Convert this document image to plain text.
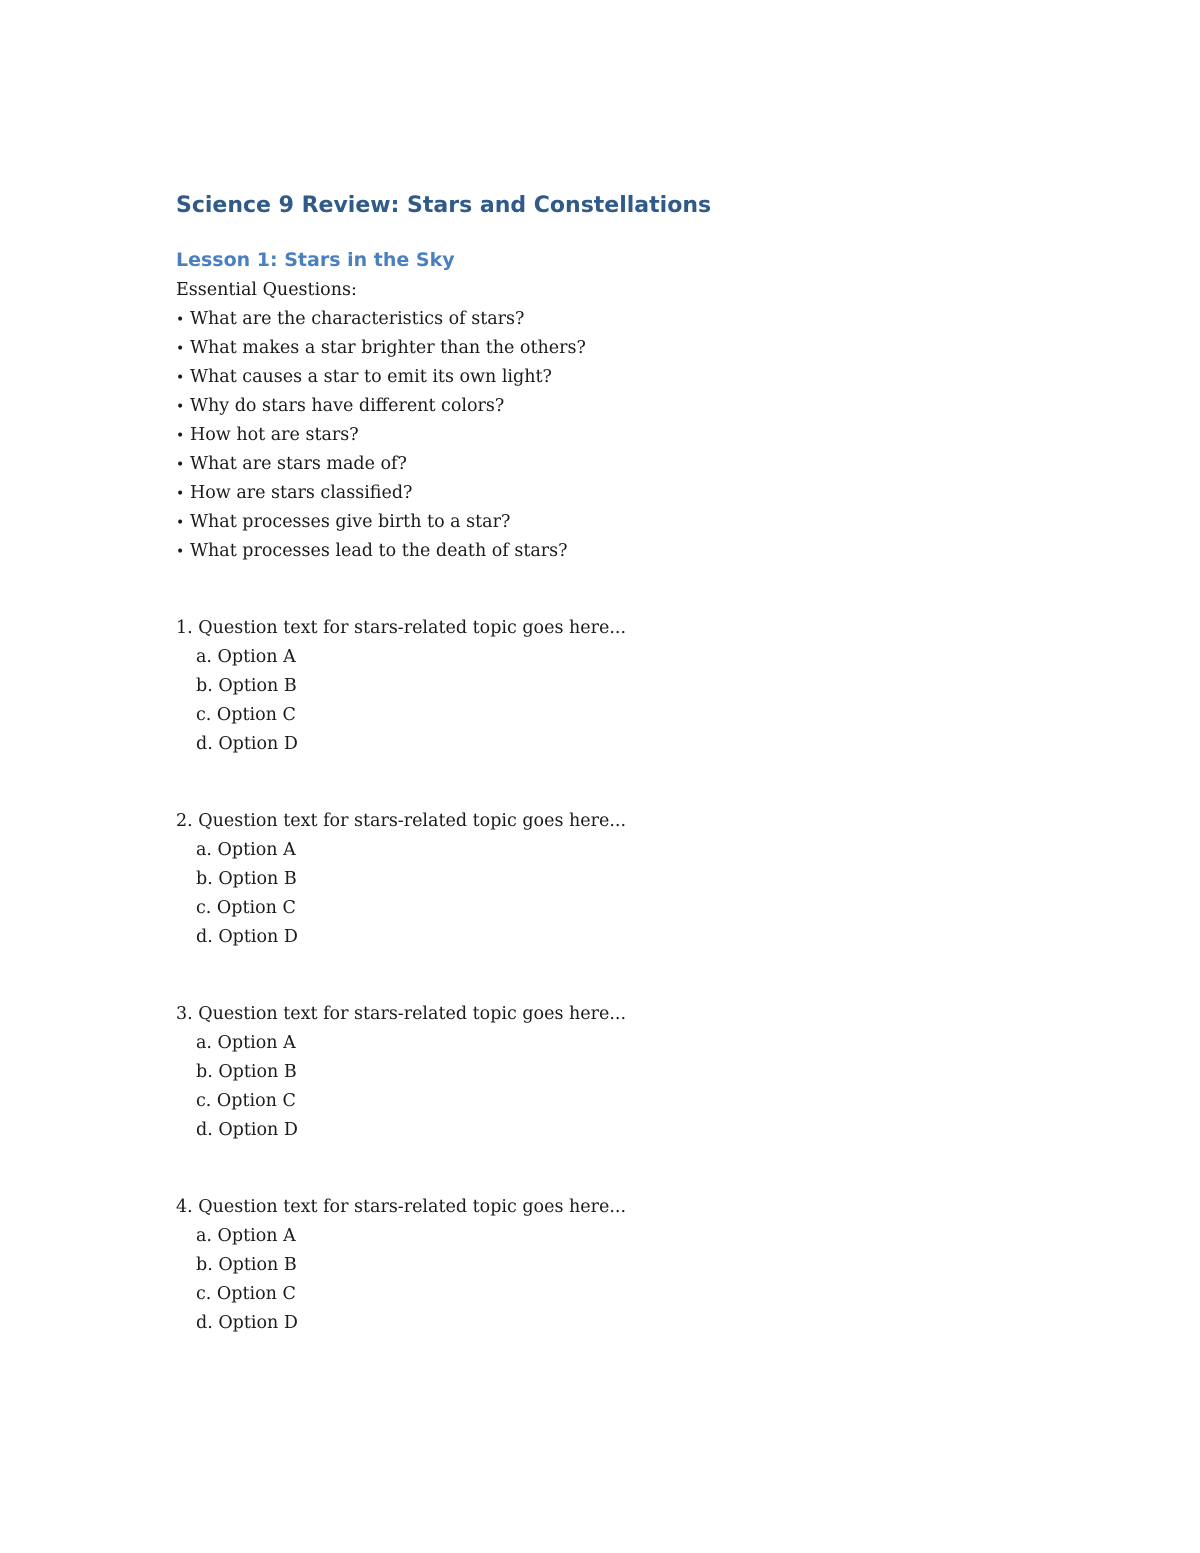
Science 9 Review: Stars and Constellations
Lesson 1: Stars in the Sky

Essential Questions:

• What are the characteristics of stars?
• What makes a star brighter than the others?
• What causes a star to emit its own light?
• Why do stars have different colors?
• How hot are stars?
• What are stars made of?
• How are stars classified?
• What processes give birth to a star?
• What processes lead to the death of stars?
1. Question text for stars-related topic goes here...
a. Option A
b. Option B
c. Option C
d. Option D
2. Question text for stars-related topic goes here...
a. Option A
b. Option B
c. Option C
d. Option D
3. Question text for stars-related topic goes here...
a. Option A
b. Option B
c. Option C
d. Option D
4. Question text for stars-related topic goes here...
a. Option A
b. Option B
c. Option C
d. Option D
